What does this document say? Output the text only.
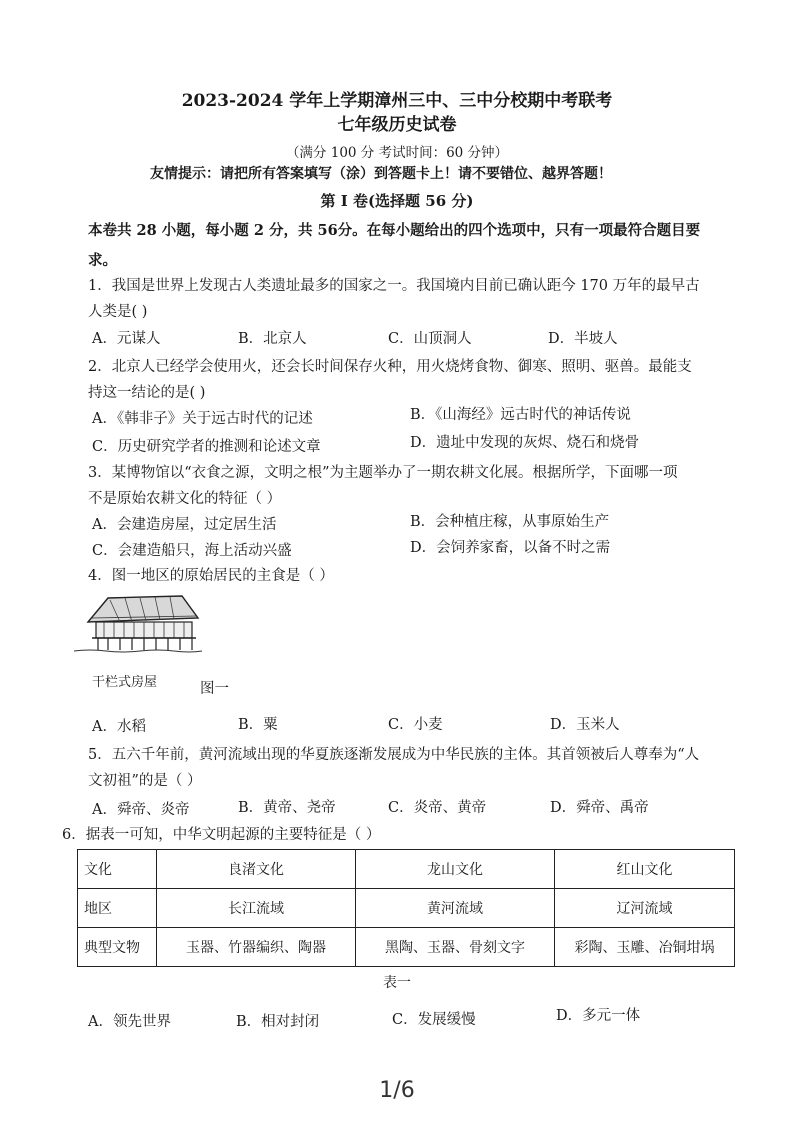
2023-2024 学年上学期漳州三中、三中分校期中考联考
七年级历史试卷
（满分 100 分 考试时间：60 分钟）
友情提示：请把所有答案填写（涂）到答题卡上！请不要错位、越界答题！
第 I 卷(选择题 56 分)
本卷共 28 小题，每小题 2 分，共 56分。在每小题给出的四个选项中，只有一项最符合题目要求。
1．我国是世界上发现古人类遗址最多的国家之一。我国境内目前已确认距今 170 万年的最早古
人类是( )
A．元谋人	B．北京人	C．山顶洞人	D．半坡人
2．北京人已经学会使用火，还会长时间保存火种，用火烧烤食物、御寒、照明、驱兽。最能支
持这一结论的是( )
A．《韩非子》关于远古时代的记述	B．《山海经》远古时代的神话传说
C．历史研究学者的推测和论述文章	D．遗址中发现的灰烬、烧石和烧骨
3．某博物馆以“衣食之源，文明之根”为主题举办了一期农耕文化展。根据所学，下面哪一项
不是原始农耕文化的特征（ ）
A．会建造房屋，过定居生活	B．会种植庄稼，从事原始生产
C．会建造船只，海上活动兴盛	D．会饲养家畜，以备不时之需
4．图一地区的原始居民的主食是（ ）
干栏式房屋	图一
A．水稻	B．粟	C．小麦	D．玉米人
5．五六千年前，黄河流域出现的华夏族逐渐发展成为中华民族的主体。其首领被后人尊奉为“人
文初祖”的是（ ）
A．舜帝、炎帝	B．黄帝、尧帝	C．炎帝、黄帝	D．舜帝、禹帝
6．据表一可知，中华文明起源的主要特征是（ ）
文化	良渚文化	龙山文化	红山文化
地区	长江流域	黄河流域	辽河流域
典型文物	玉器、竹器编织、陶器	黑陶、玉器、骨刻文字	彩陶、玉雕、冶铜坩埚
表一
A．领先世界	B．相对封闭	C．发展缓慢	D．多元一体
1/6
